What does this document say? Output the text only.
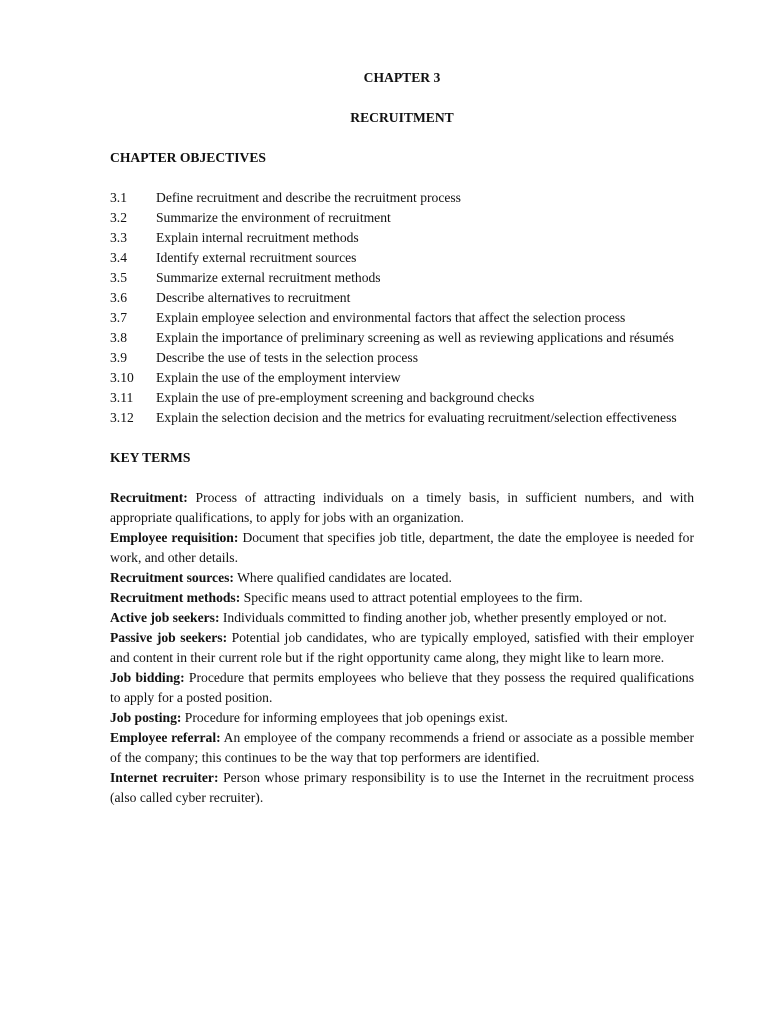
CHAPTER 3
RECRUITMENT
CHAPTER OBJECTIVES
3.1 Define recruitment and describe the recruitment process
3.2 Summarize the environment of recruitment
3.3 Explain internal recruitment methods
3.4 Identify external recruitment sources
3.5 Summarize external recruitment methods
3.6 Describe alternatives to recruitment
3.7 Explain employee selection and environmental factors that affect the selection process
3.8 Explain the importance of preliminary screening as well as reviewing applications and résumés
3.9 Describe the use of tests in the selection process
3.10 Explain the use of the employment interview
3.11 Explain the use of pre-employment screening and background checks
3.12 Explain the selection decision and the metrics for evaluating recruitment/selection effectiveness
KEY TERMS

Recruitment: Process of attracting individuals on a timely basis, in sufficient numbers, and with appropriate qualifications, to apply for jobs with an organization.

Employee requisition: Document that specifies job title, department, the date the employee is needed for work, and other details.

Recruitment sources: Where qualified candidates are located.

Recruitment methods: Specific means used to attract potential employees to the firm.

Active job seekers: Individuals committed to finding another job, whether presently employed or not.

Passive job seekers: Potential job candidates, who are typically employed, satisfied with their employer and content in their current role but if the right opportunity came along, they might like to learn more.

Job bidding: Procedure that permits employees who believe that they possess the required qualifications to apply for a posted position.

Job posting: Procedure for informing employees that job openings exist.

Employee referral: An employee of the company recommends a friend or associate as a possible member of the company; this continues to be the way that top performers are identified.

Internet recruiter: Person whose primary responsibility is to use the Internet in the recruitment process (also called cyber recruiter).
